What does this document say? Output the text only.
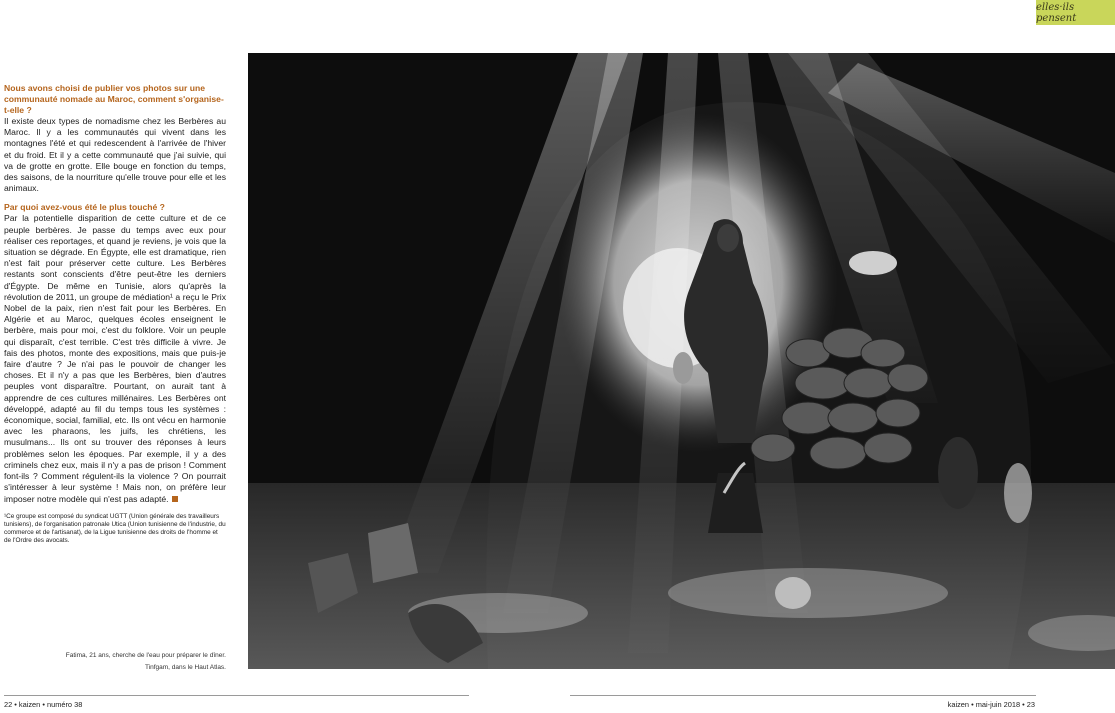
elles·ils pensent

Nous avons choisi de publier vos photos sur une communauté nomade au Maroc, comment s'organise-t-elle ?

Il existe deux types de nomadisme chez les Berbères au Maroc. Il y a les communautés qui vivent dans les montagnes l'été et qui redescendent à l'arrivée de l'hiver et du froid. Et il y a cette communauté que j'ai suivie, qui va de grotte en grotte. Elle bouge en fonction du temps, des saisons, de la nourriture qu'elle trouve pour elle et les animaux.

Par quoi avez-vous été le plus touché ?

Par la potentielle disparition de cette culture et de ce peuple berbères. Je passe du temps avec eux pour réaliser ces reportages, et quand je reviens, je vois que la situation se dégrade. En Égypte, elle est dramatique, rien n'est fait pour préserver cette culture. Les Berbères restants sont conscients d'être peut-être les derniers d'Égypte. De même en Tunisie, alors qu'après la révolution de 2011, un groupe de médiation¹ a reçu le Prix Nobel de la paix, rien n'est fait pour les Berbères. En Algérie et au Maroc, quelques écoles enseignent le berbère, mais pour moi, c'est du folklore. Voir un peuple qui disparaît, c'est terrible. C'est très difficile à vivre. Je fais des photos, monte des expositions, mais que puis-je faire d'autre ? Je n'ai pas le pouvoir de changer les choses. Et il n'y a pas que les Berbères, bien d'autres peuples vont disparaître. Pourtant, on aurait tant à apprendre de ces cultures millénaires. Les Berbères ont développé, adapté au fil du temps tous les systèmes : économique, social, familial, etc. Ils ont vécu en harmonie avec les pharaons, les juifs, les chrétiens, les musulmans... Ils ont su trouver des réponses à leurs problèmes selon les époques. Par exemple, il y a des criminels chez eux, mais il n'y a pas de prison ! Comment font-ils ? Comment régulent-ils la violence ? On pourrait s'intéresser à leur système ! Mais non, on préfère leur imposer notre modèle qui n'est pas adapté.

¹Ce groupe est composé du syndicat UGTT (Union générale des travailleurs tunisiens), de l'organisation patronale Utica (Union tunisienne de l'industrie, du commerce et de l'artisanat), de la Ligue tunisienne des droits de l'homme et de l'Ordre des avocats.
Fatima, 21 ans, cherche de l'eau pour préparer le dîner.
Tinfgam, dans le Haut Atlas.
22 • kaizen • numéro 38	kaizen • mai-juin 2018 • 23
